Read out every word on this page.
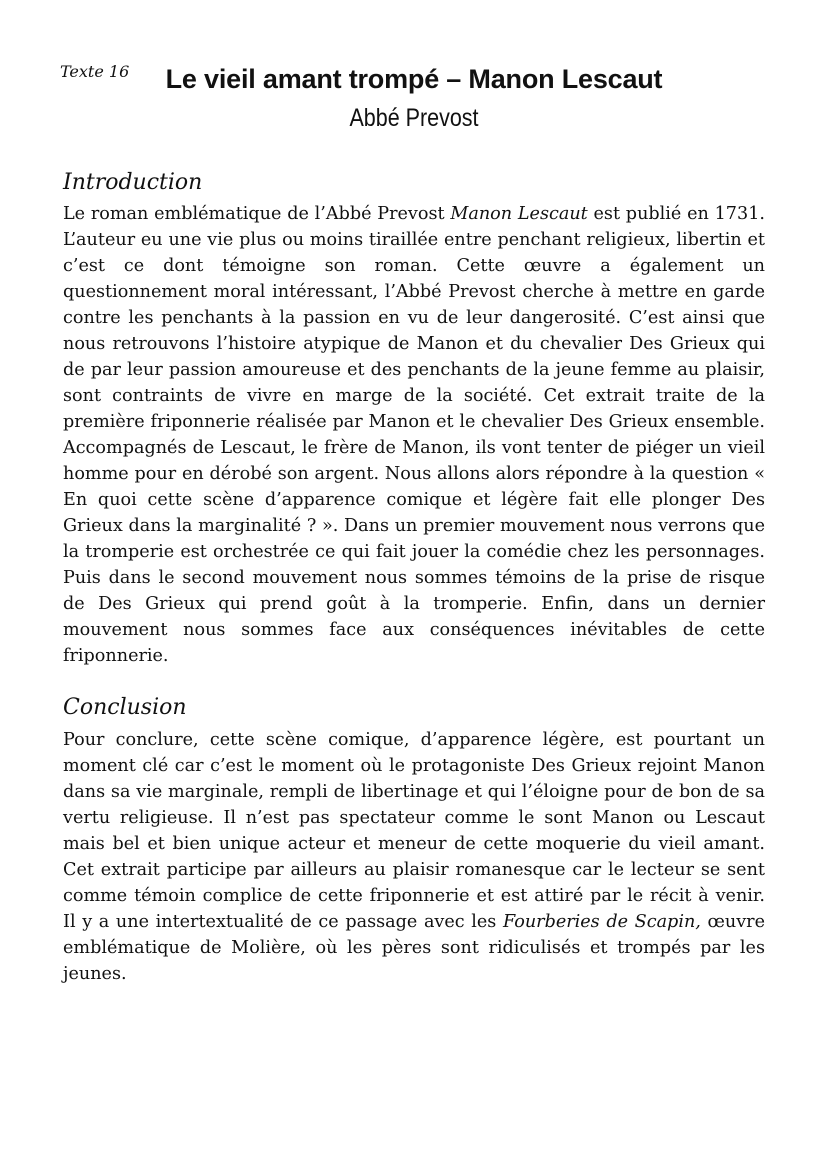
Texte 16	Le vieil amant trompé – Manon Lescaut
Abbé Prevost
Introduction

Le roman emblématique de l’Abbé Prevost Manon Lescaut est publié en 1731. L’auteur eu une vie plus ou moins tiraillée entre penchant religieux, libertin et c’est ce dont témoigne son roman. Cette œuvre a également un questionnement moral intéressant, l’Abbé Prevost cherche à mettre en garde contre les penchants à la passion en vu de leur dangerosité. C’est ainsi que nous retrouvons l’histoire atypique de Manon et du chevalier Des Grieux qui de par leur passion amoureuse et des penchants de la jeune femme au plaisir, sont contraints de vivre en marge de la société. Cet extrait traite de la première friponnerie réalisée par Manon et le chevalier Des Grieux ensemble. Accompagnés de Lescaut, le frère de Manon, ils vont tenter de piéger un vieil homme pour en dérobé son argent. Nous allons alors répondre à la question « En quoi cette scène d’apparence comique et légère fait elle plonger Des Grieux dans la marginalité ? ». Dans un premier mouvement nous verrons que la tromperie est orchestrée ce qui fait jouer la comédie chez les personnages. Puis dans le second mouvement nous sommes témoins de la prise de risque de Des Grieux qui prend goût à la tromperie. Enfin, dans un dernier mouvement nous sommes face aux conséquences inévitables de cette friponnerie.

Conclusion

Pour conclure, cette scène comique, d’apparence légère, est pourtant un moment clé car c’est le moment où le protagoniste Des Grieux rejoint Manon dans sa vie marginale, rempli de libertinage et qui l’éloigne pour de bon de sa vertu religieuse. Il n’est pas spectateur comme le sont Manon ou Lescaut mais bel et bien unique acteur et meneur de cette moquerie du vieil amant. Cet extrait participe par ailleurs au plaisir romanesque car le lecteur se sent comme témoin complice de cette friponnerie et est attiré par le récit à venir. Il y a une intertextualité de ce passage avec les Fourberies de Scapin, œuvre emblématique de Molière, où les pères sont ridiculisés et trompés par les jeunes.
